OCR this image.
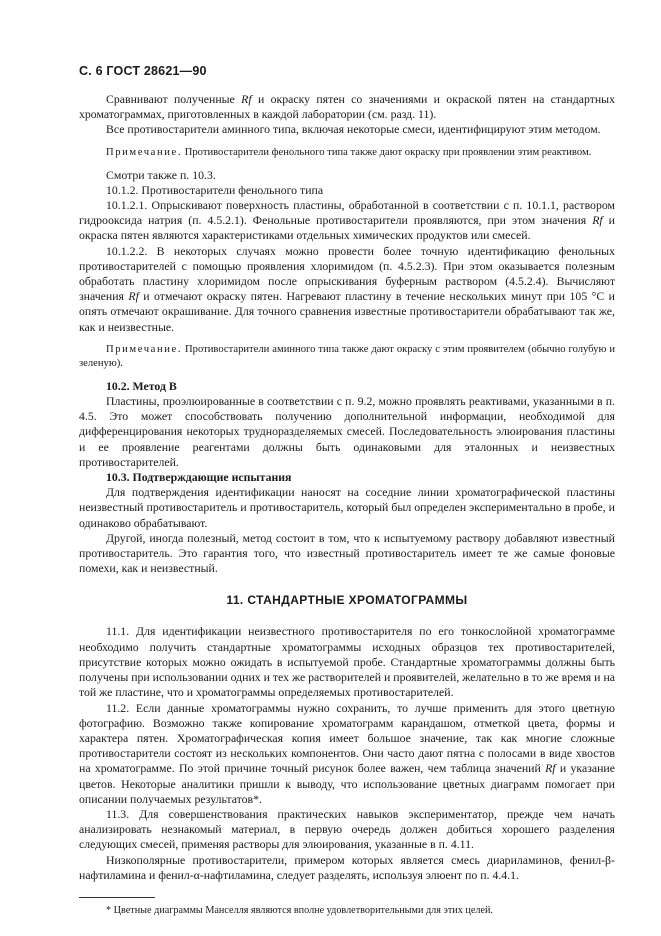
С. 6 ГОСТ 28621—90

Сравнивают полученные Rf и окраску пятен со значениями и окраской пятен на стандартных хроматограммах, приготовленных в каждой лаборатории (см. разд. 11).

Все противостарители аминного типа, включая некоторые смеси, идентифицируют этим методом.

Примечание. Противостарители фенольного типа также дают окраску при проявлении этим реактивом.

Смотри также п. 10.3.

10.1.2. Противостарители фенольного типа

10.1.2.1. Опрыскивают поверхность пластины, обработанной в соответствии с п. 10.1.1, раствором гидрооксида натрия (п. 4.5.2.1). Фенольные противостарители проявляются, при этом значения Rf и окраска пятен являются характеристиками отдельных химических продуктов или смесей.

10.1.2.2. В некоторых случаях можно провести более точную идентификацию фенольных противостарителей с помощью проявления хлоримидом (п. 4.5.2.3). При этом оказывается полезным обработать пластину хлоримидом после опрыскивания буферным раствором (4.5.2.4). Вычисляют значения Rf и отмечают окраску пятен. Нагревают пластину в течение нескольких минут при 105 °С и опять отмечают окрашивание. Для точного сравнения известные противостарители обрабатывают так же, как и неизвестные.

Примечание. Противостарители аминного типа также дают окраску с этим проявителем (обычно голубую и зеленую).

10.2. Метод В

Пластины, проэлюированные в соответствии с п. 9.2, можно проявлять реактивами, указанными в п. 4.5. Это может способствовать получению дополнительной информации, необходимой для дифференцирования некоторых трудноразделяемых смесей. Последовательность элюирования пластины и ее проявление реагентами должны быть одинаковыми для эталонных и неизвестных противостарителей.

10.3. Подтверждающие испытания

Для подтверждения идентификации наносят на соседние линии хроматографической пластины неизвестный противостаритель и противостаритель, который был определен экспериментально в пробе, и одинаково обрабатывают.

Другой, иногда полезный, метод состоит в том, что к испытуемому раствору добавляют известный противостаритель. Это гарантия того, что известный противостаритель имеет те же самые фоновые помехи, как и неизвестный.

11. СТАНДАРТНЫЕ ХРОМАТОГРАММЫ

11.1. Для идентификации неизвестного противостарителя по его тонкослойной хроматограмме необходимо получить стандартные хроматограммы исходных образцов тех противостарителей, присутствие которых можно ожидать в испытуемой пробе. Стандартные хроматограммы должны быть получены при использовании одних и тех же растворителей и проявителей, желательно в то же время и на той же пластине, что и хроматограммы определяемых противостарителей.

11.2. Если данные хроматограммы нужно сохранить, то лучше применить для этого цветную фотографию. Возможно также копирование хроматограмм карандашом, отметкой цвета, формы и характера пятен. Хроматографическая копия имеет большое значение, так как многие сложные противостарители состоят из нескольких компонентов. Они часто дают пятна с полосами в виде хвостов на хроматограмме. По этой причине точный рисунок более важен, чем таблица значений Rf и указание цветов. Некоторые аналитики пришли к выводу, что использование цветных диаграмм помогает при описании получаемых результатов*.

11.3. Для совершенствования практических навыков экспериментатор, прежде чем начать анализировать незнакомый материал, в первую очередь должен добиться хорошего разделения следующих смесей, применяя растворы для элюирования, указанные в п. 4.11.

Низкополярные противостарители, примером которых является смесь диариламинов, фенил-β-нафтиламина и фенил-α-нафтиламина, следует разделять, используя элюент по п. 4.4.1.

* Цветные диаграммы Манселля являются вполне удовлетворительными для этих целей.
